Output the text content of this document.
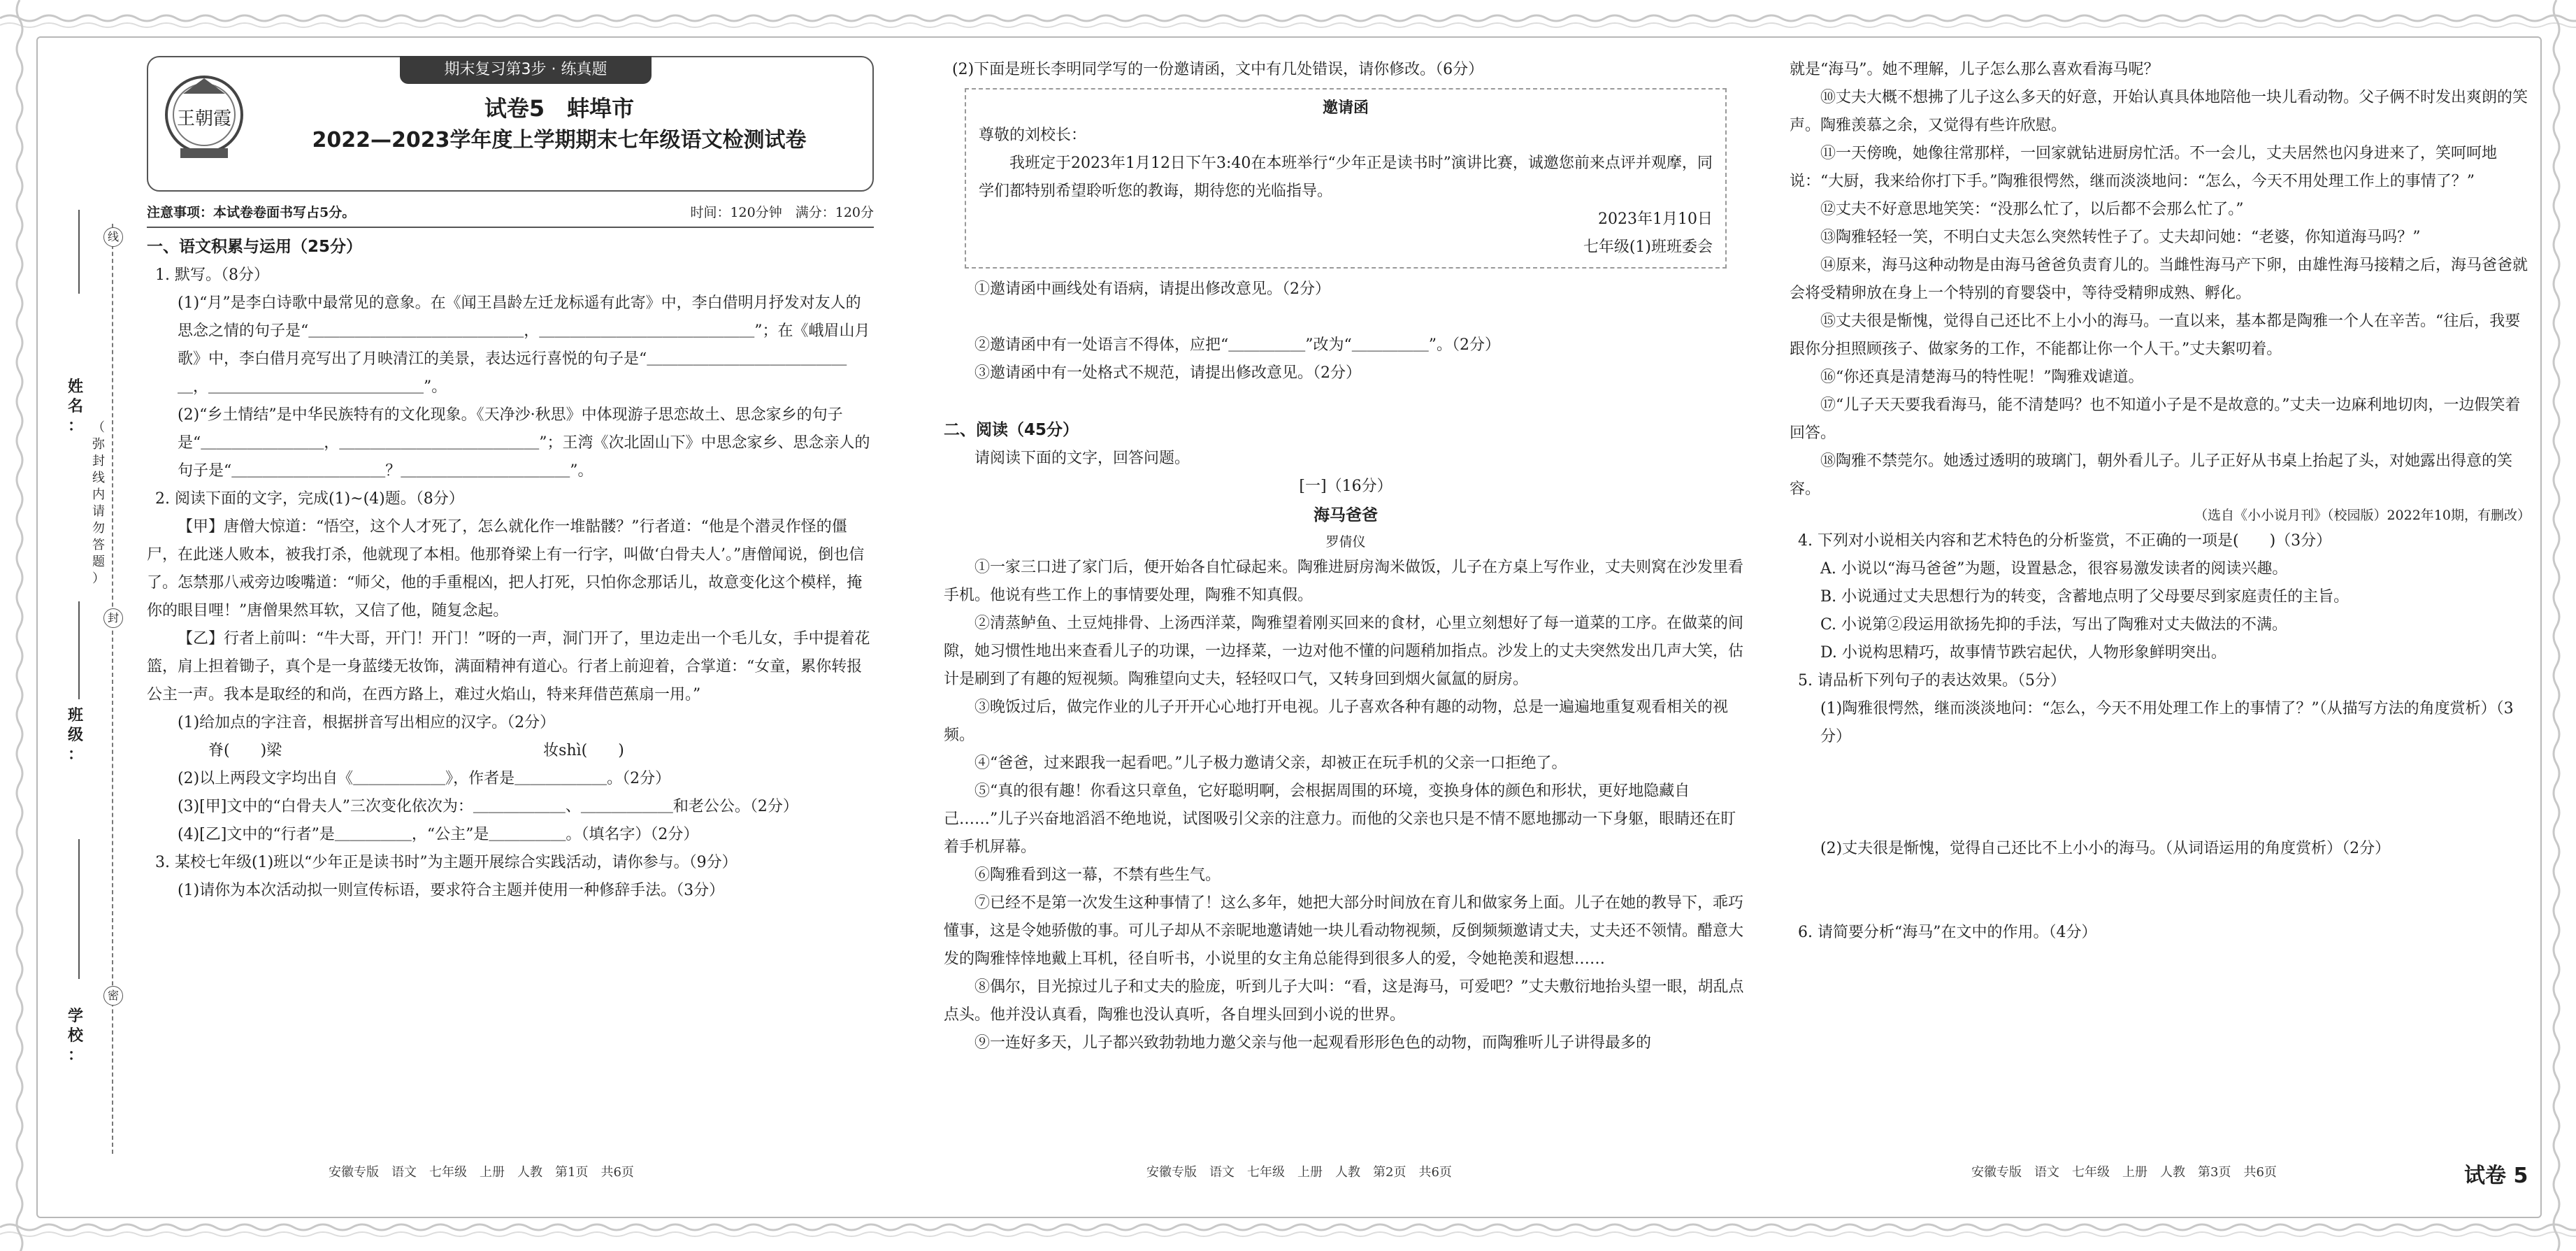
姓
名
： （
弥
封
线
内
请
勿
答
题
）
班
级
：
学
校
：
线
封
密
期末复习第3步 · 练真题
王朝霞	试卷5　蚌埠市
2022—2023学年度上学期期末七年级语文检测试卷
注意事项：本试卷卷面书写占5分。	时间：120分钟　满分：120分

一、语文积累与运用（25分）

1. 默写。（8分）

(1)“月”是李白诗歌中最常见的意象。在《闻王昌龄左迁龙标遥有此寄》中，李白借明月抒发对友人的思念之情的句子是“＿＿＿＿＿＿＿＿＿＿＿＿＿＿，＿＿＿＿＿＿＿＿＿＿＿＿＿＿”；在《峨眉山月歌》中，李白借月亮写出了月映清江的美景，表达远行喜悦的句子是“＿＿＿＿＿＿＿＿＿＿＿＿＿＿，＿＿＿＿＿＿＿＿＿＿＿＿＿＿”。

(2)“乡土情结”是中华民族特有的文化现象。《天净沙·秋思》中体现游子思恋故土、思念家乡的句子是“＿＿＿＿＿＿＿＿，＿＿＿＿＿＿＿＿＿＿＿＿＿”；王湾《次北固山下》中思念家乡、思念亲人的句子是“＿＿＿＿＿＿＿＿＿＿？＿＿＿＿＿＿＿＿＿＿＿”。

2. 阅读下面的文字，完成(1)~(4)题。（8分）

【甲】唐僧大惊道：“悟空，这个人才死了，怎么就化作一堆骷髅？”行者道：“他是个潜灵作怪的僵尸，在此迷人败本，被我打杀，他就现了本相。他那脊梁上有一行字，叫做‘白骨夫人’。”唐僧闻说，倒也信了。怎禁那八戒旁边唆嘴道：“师父，他的手重棍凶，把人打死，只怕你念那话儿，故意变化这个模样，掩你的眼目哩！”唐僧果然耳软，又信了他，随复念起。

【乙】行者上前叫：“牛大哥，开门！开门！”呀的一声，洞门开了，里边走出一个毛儿女，手中提着花篮，肩上担着锄子，真个是一身蓝缕无妆饰，满面精神有道心。行者上前迎着，合掌道：“女童，累你转报公主一声。我本是取经的和尚，在西方路上，难过火焰山，特来拜借芭蕉扇一用。”

(1)给加点的字注音，根据拼音写出相应的汉字。（2分）

　　脊(　　)梁　　　　　　　　　　　　　　　　　妆shì(　　)

(2)以上两段文字均出自《＿＿＿＿＿＿》，作者是＿＿＿＿＿＿。（2分）

(3)[甲]文中的“白骨夫人”三次变化依次为：＿＿＿＿＿＿、＿＿＿＿＿＿和老公公。（2分）

(4)[乙]文中的“行者”是＿＿＿＿＿，“公主”是＿＿＿＿＿。（填名字）（2分）

3. 某校七年级(1)班以“少年正是读书时”为主题开展综合实践活动，请你参与。（9分）

(1)请你为本次活动拟一则宣传标语，要求符合主题并使用一种修辞手法。（3分）

(2)下面是班长李明同学写的一份邀请函，文中有几处错误，请你修改。（6分）

邀请函

尊敬的刘校长：

我班定于2023年1月12日下午3:40在本班举行“少年正是读书时”演讲比赛，诚邀您前来点评并观摩，同学们都特别希望聆听您的教诲，期待您的光临指导。

2023年1月10日

七年级(1)班班委会

①邀请函中画线处有语病，请提出修改意见。（2分）

②邀请函中有一处语言不得体，应把“＿＿＿＿＿”改为“＿＿＿＿＿”。（2分）

③邀请函中有一处格式不规范，请提出修改意见。（2分）

二、阅读（45分）

请阅读下面的文字，回答问题。

[一]（16分）

海马爸爸

罗倩仪

①一家三口进了家门后，便开始各自忙碌起来。陶雅进厨房淘米做饭，儿子在方桌上写作业，丈夫则窝在沙发里看手机。他说有些工作上的事情要处理，陶雅不知真假。

②清蒸鲈鱼、土豆炖排骨、上汤西洋菜，陶雅望着刚买回来的食材，心里立刻想好了每一道菜的工序。在做菜的间隙，她习惯性地出来查看儿子的功课，一边择菜，一边对他不懂的问题稍加指点。沙发上的丈夫突然发出几声大笑，估计是刷到了有趣的短视频。陶雅望向丈夫，轻轻叹口气，又转身回到烟火氤氲的厨房。

③晚饭过后，做完作业的儿子开开心心地打开电视。儿子喜欢各种有趣的动物，总是一遍遍地重复观看相关的视频。

④“爸爸，过来跟我一起看吧。”儿子极力邀请父亲，却被正在玩手机的父亲一口拒绝了。

⑤“真的很有趣！你看这只章鱼，它好聪明啊，会根据周围的环境，变换身体的颜色和形状，更好地隐藏自己……”儿子兴奋地滔滔不绝地说，试图吸引父亲的注意力。而他的父亲也只是不情不愿地挪动一下身躯，眼睛还在盯着手机屏幕。

⑥陶雅看到这一幕，不禁有些生气。

⑦已经不是第一次发生这种事情了！这么多年，她把大部分时间放在育儿和做家务上面。儿子在她的教导下，乖巧懂事，这是令她骄傲的事。可儿子却从不亲昵地邀请她一块儿看动物视频，反倒频频邀请丈夫，丈夫还不领情。醋意大发的陶雅悻悻地戴上耳机，径自听书，小说里的女主角总能得到很多人的爱，令她艳羡和遐想……

⑧偶尔，目光掠过儿子和丈夫的脸庞，听到儿子大叫：“看，这是海马，可爱吧？”丈夫敷衍地抬头望一眼，胡乱点点头。他并没认真看，陶雅也没认真听，各自埋头回到小说的世界。

⑨一连好多天，儿子都兴致勃勃地力邀父亲与他一起观看形形色色的动物，而陶雅听儿子讲得最多的

就是“海马”。她不理解，儿子怎么那么喜欢看海马呢？

⑩丈夫大概不想拂了儿子这么多天的好意，开始认真具体地陪他一块儿看动物。父子俩不时发出爽朗的笑声。陶雅羡慕之余，又觉得有些许欣慰。

⑪一天傍晚，她像往常那样，一回家就钻进厨房忙活。不一会儿，丈夫居然也闪身进来了，笑呵呵地说：“大厨，我来给你打下手。”陶雅很愕然，继而淡淡地问：“怎么，今天不用处理工作上的事情了？”

⑫丈夫不好意思地笑笑：“没那么忙了，以后都不会那么忙了。”

⑬陶雅轻轻一笑，不明白丈夫怎么突然转性子了。丈夫却问她：“老婆，你知道海马吗？”

⑭原来，海马这种动物是由海马爸爸负责育儿的。当雌性海马产下卵，由雄性海马接精之后，海马爸爸就会将受精卵放在身上一个特别的育婴袋中，等待受精卵成熟、孵化。

⑮丈夫很是惭愧，觉得自己还比不上小小的海马。一直以来，基本都是陶雅一个人在辛苦。“往后，我要跟你分担照顾孩子、做家务的工作，不能都让你一个人干。”丈夫絮叨着。

⑯“你还真是清楚海马的特性呢！”陶雅戏谑道。

⑰“儿子天天要我看海马，能不清楚吗？也不知道小子是不是故意的。”丈夫一边麻利地切肉，一边假笑着回答。

⑱陶雅不禁莞尔。她透过透明的玻璃门，朝外看儿子。儿子正好从书桌上抬起了头，对她露出得意的笑容。

（选自《小小说月刊》（校园版）2022年10期，有删改）

4. 下列对小说相关内容和艺术特色的分析鉴赏，不正确的一项是(　　)（3分）

A. 小说以“海马爸爸”为题，设置悬念，很容易激发读者的阅读兴趣。

B. 小说通过丈夫思想行为的转变，含蓄地点明了父母要尽到家庭责任的主旨。

C. 小说第②段运用欲扬先抑的手法，写出了陶雅对丈夫做法的不满。

D. 小说构思精巧，故事情节跌宕起伏，人物形象鲜明突出。

5. 请品析下列句子的表达效果。（5分）

(1)陶雅很愕然，继而淡淡地问：“怎么，今天不用处理工作上的事情了？”（从描写方法的角度赏析）（3分）

(2)丈夫很是惭愧，觉得自己还比不上小小的海马。（从词语运用的角度赏析）（2分）

6. 请简要分析“海马”在文中的作用。（4分）

安徽专版　语文　七年级　上册　人教　第1页　共6页	安徽专版　语文　七年级　上册　人教　第2页　共6页	安徽专版　语文　七年级　上册　人教　第3页　共6页	试卷 5
